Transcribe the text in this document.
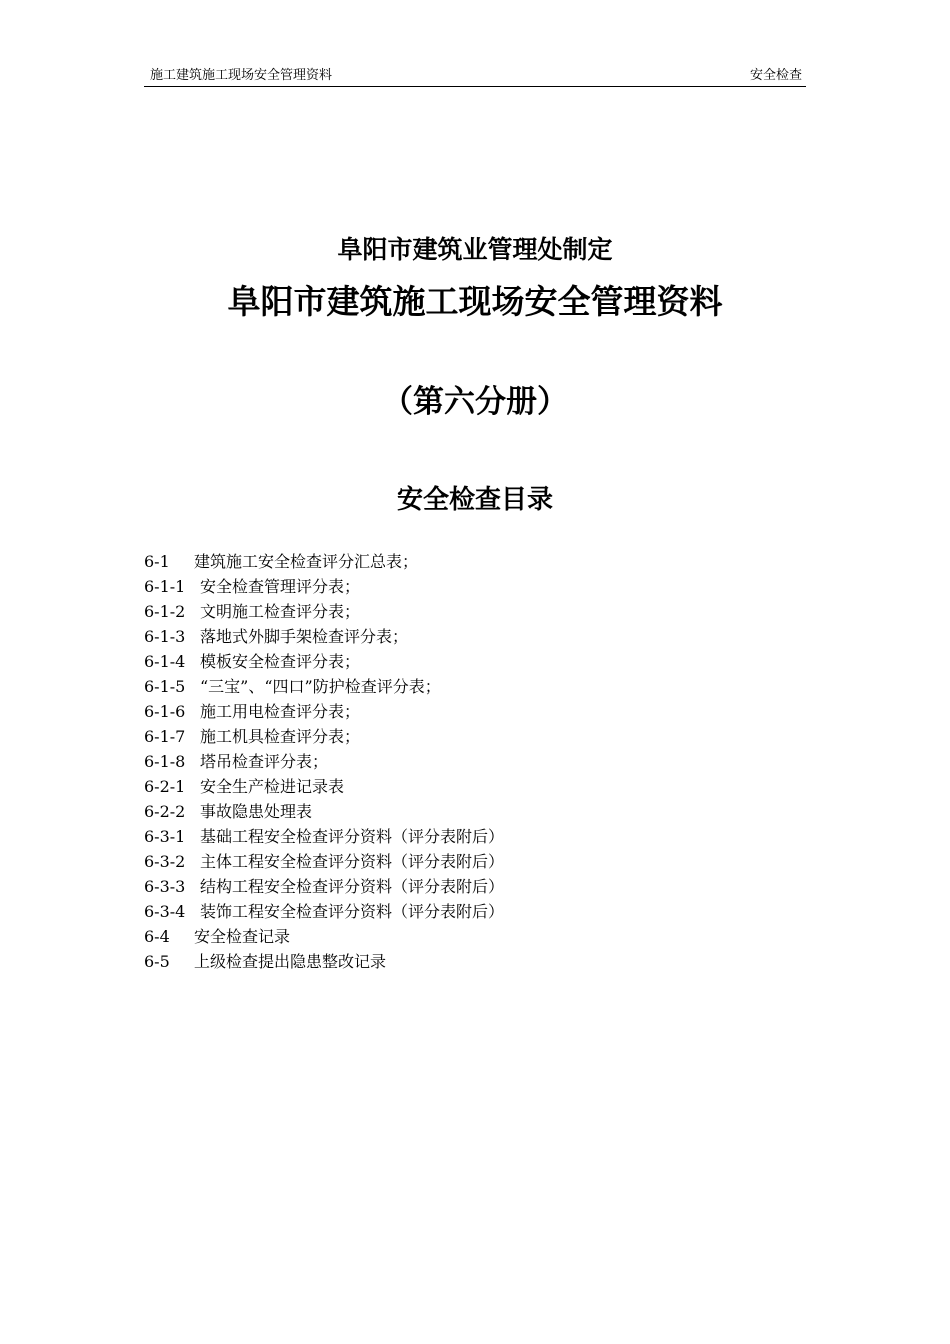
施工建筑施工现场安全管理资料	安全检查
阜阳市建筑业管理处制定
阜阳市建筑施工现场安全管理资料
（第六分册）
安全检查目录
6-1 建筑施工安全检查评分汇总表；
6-1-1 安全检查管理评分表；
6-1-2 文明施工检查评分表；
6-1-3 落地式外脚手架检查评分表；
6-1-4 模板安全检查评分表；
6-1-5 “三宝”、“四口”防护检查评分表；
6-1-6 施工用电检查评分表；
6-1-7 施工机具检查评分表；
6-1-8 塔吊检查评分表；
6-2-1 安全生产检进记录表
6-2-2 事故隐患处理表
6-3-1 基础工程安全检查评分资料（评分表附后）
6-3-2 主体工程安全检查评分资料（评分表附后）
6-3-3 结构工程安全检查评分资料（评分表附后）
6-3-4 装饰工程安全检查评分资料（评分表附后）
6-4 安全检查记录
6-5 上级检查提出隐患整改记录
